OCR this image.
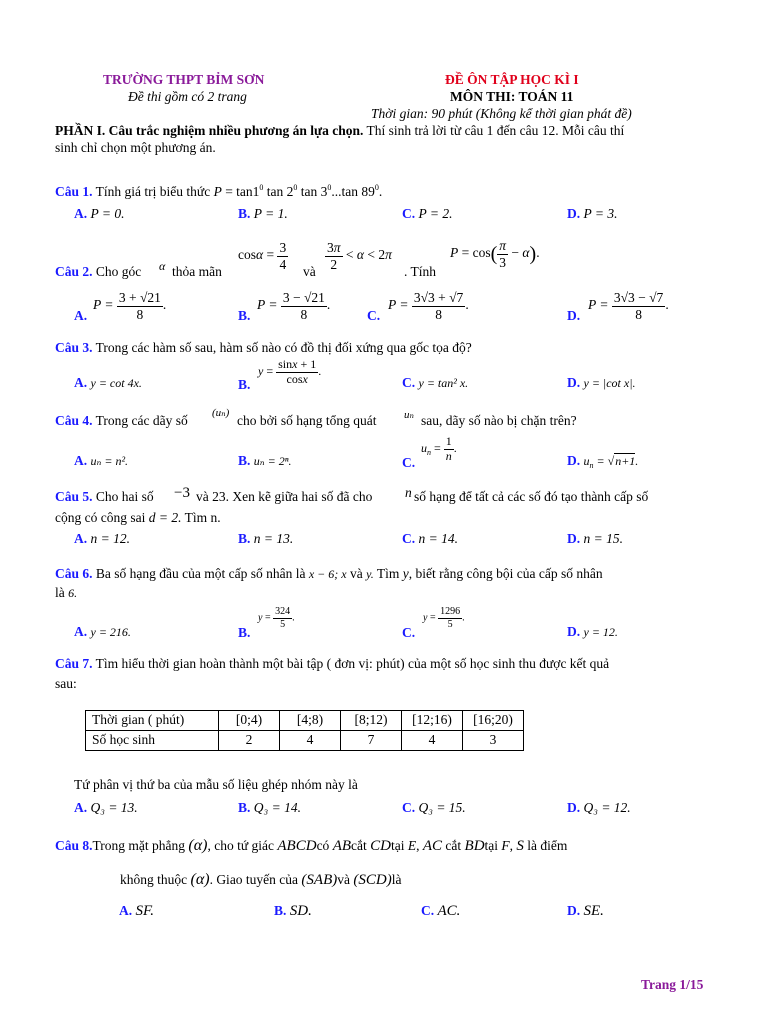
TRƯỜNG THPT BỈM SƠN
Đề thi gồm có 2 trang
ĐỀ ÔN TẬP HỌC KÌ I
MÔN THI: TOÁN 11
Thời gian: 90 phút (Không kể thời gian phát đề)
PHẦN I. Câu trắc nghiệm nhiều phương án lựa chọn. Thí sinh trả lời từ câu 1 đến câu 12. Mỗi câu thí
sinh chỉ chọn một phương án.
Câu 1. Tính giá trị biểu thức $P = \tan 1^0$ $\tan 2^0$ $\tan 3^0...\tan$ $89^0$.
A. P = 0.	B. P = 1.	C. P = 2.	D. P = 3.
Câu 2. Cho góc α thỏa mãn
$\cos\alpha = \frac{3}{4}$ và $\frac{3\pi}{2} < \alpha < 2\pi$
. Tính
$P = \cos( \frac{\pi}{3} - \alpha)$.
A.
$P = \frac{3 + √21}{8}$ .
B.
$P = \frac{3 - √21}{8}$ .
C.
$P = \frac{3√3 + √7}{8}$ .
D.
$P = \frac{3√3 - √7}{8}$ .
Câu 3. Trong các hàm số sau, hàm số nào có đồ thị đối xứng qua gốc tọa độ?
A. y = cot 4x.	B.
$y = \frac{\sin x + 1}{\cos x}$ .
C. y = tan² x.	D. y = |cot x|.
Câu 4. Trong các dãy số (uₙ) cho bởi số hạng tổng quát	uₙ sau, dãy số nào bị chặn trên?
A. uₙ = n².	B. uₙ = 2ⁿ.	C.
$u_n = \frac{1}{n}$ .
D. $u_n = √n+1$.
Câu 5. Cho hai số −3 và 23. Xen kẽ giữa hai số đã cho n số hạng để tất cả các số đó tạo thành cấp số
cộng có công sai d = 2. Tìm n.
A. n = 12.	B. n = 13.	C. n = 14.	D. n = 15.
Câu 6. Ba số hạng đầu của một cấp số nhân là x − 6; x và y. Tìm y, biết rằng công bội của cấp số nhân
là 6.
A. y = 216.	B.
$y = \frac{324}{5}$ .
C.
$y = \frac{1296}{5}$ .
D. y = 12.
Câu 7. Tìm hiểu thời gian hoàn thành một bài tập ( đơn vị: phút) của một số học sinh thu được kết quả
sau:
Thời gian ( phút)	[0;4)	[4;8)	[8;12)	[12;16)	[16;20)
Số học sinh	2	4	7	4	3
Tứ phân vị thứ ba của mẫu số liệu ghép nhóm này là
A. Q₃ = 13.	B. Q₃ = 14.	C. Q₃ = 15.	D. Q₃ = 12.
Câu 8.Trong mặt phẳng (α), cho tứ giác ABCDcó ABcắt CDtại E, AC cắt BDtại F, S là điểm
không thuộc (α). Giao tuyến của (SAB)và (SCD)là
A. SF.	B. SD.	C. AC.	D. SE.
Trang 1/15
